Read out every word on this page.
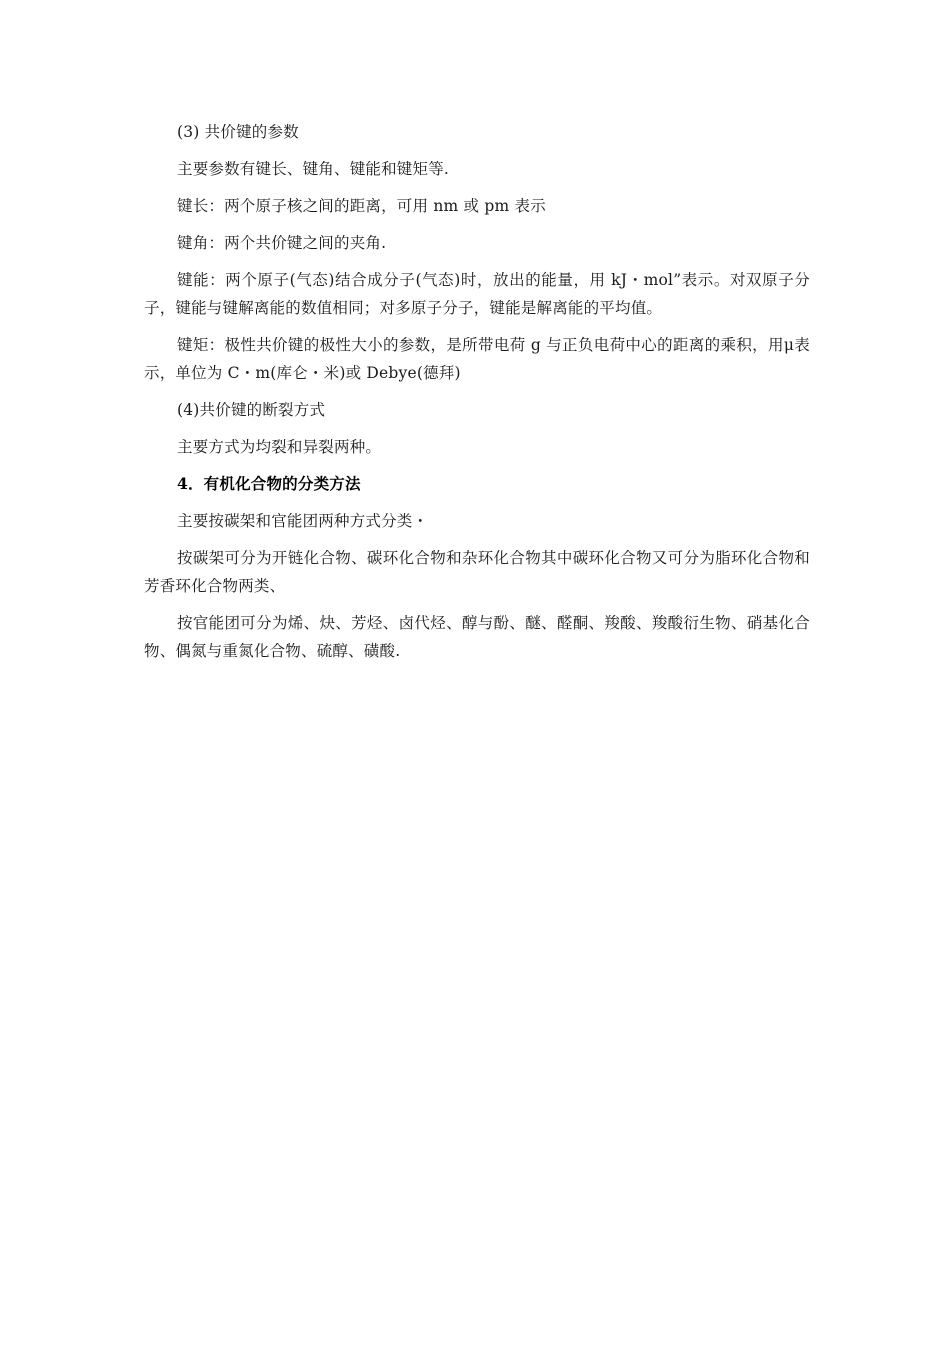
(3) 共价键的参数

主要参数有键长、键角、键能和键矩等.

键长：两个原子核之间的距离，可用 nm 或 pm 表示

键角：两个共价键之间的夹角.

键能：两个原子(气态)结合成分子(气态)时，放出的能量，用 kJ・mol”表示。对双原子分子，键能与键解离能的数值相同；对多原子分子，键能是解离能的平均值。

键矩：极性共价键的极性大小的参数，是所带电荷 g 与正负电荷中心的距离的乘积，用μ表示，单位为 C・m(库仑・米)或 Debye(德拜)

(4)共价键的断裂方式

主要方式为均裂和异裂两种。

4．有机化合物的分类方法

主要按碳架和官能团两种方式分类・

按碳架可分为开链化合物、碳环化合物和杂环化合物其中碳环化合物又可分为脂环化合物和芳香环化合物两类、

按官能团可分为烯、炔、芳烃、卤代烃、醇与酚、醚、醛酮、羧酸、羧酸衍生物、硝基化合物、偶氮与重氮化合物、硫醇、磺酸.
